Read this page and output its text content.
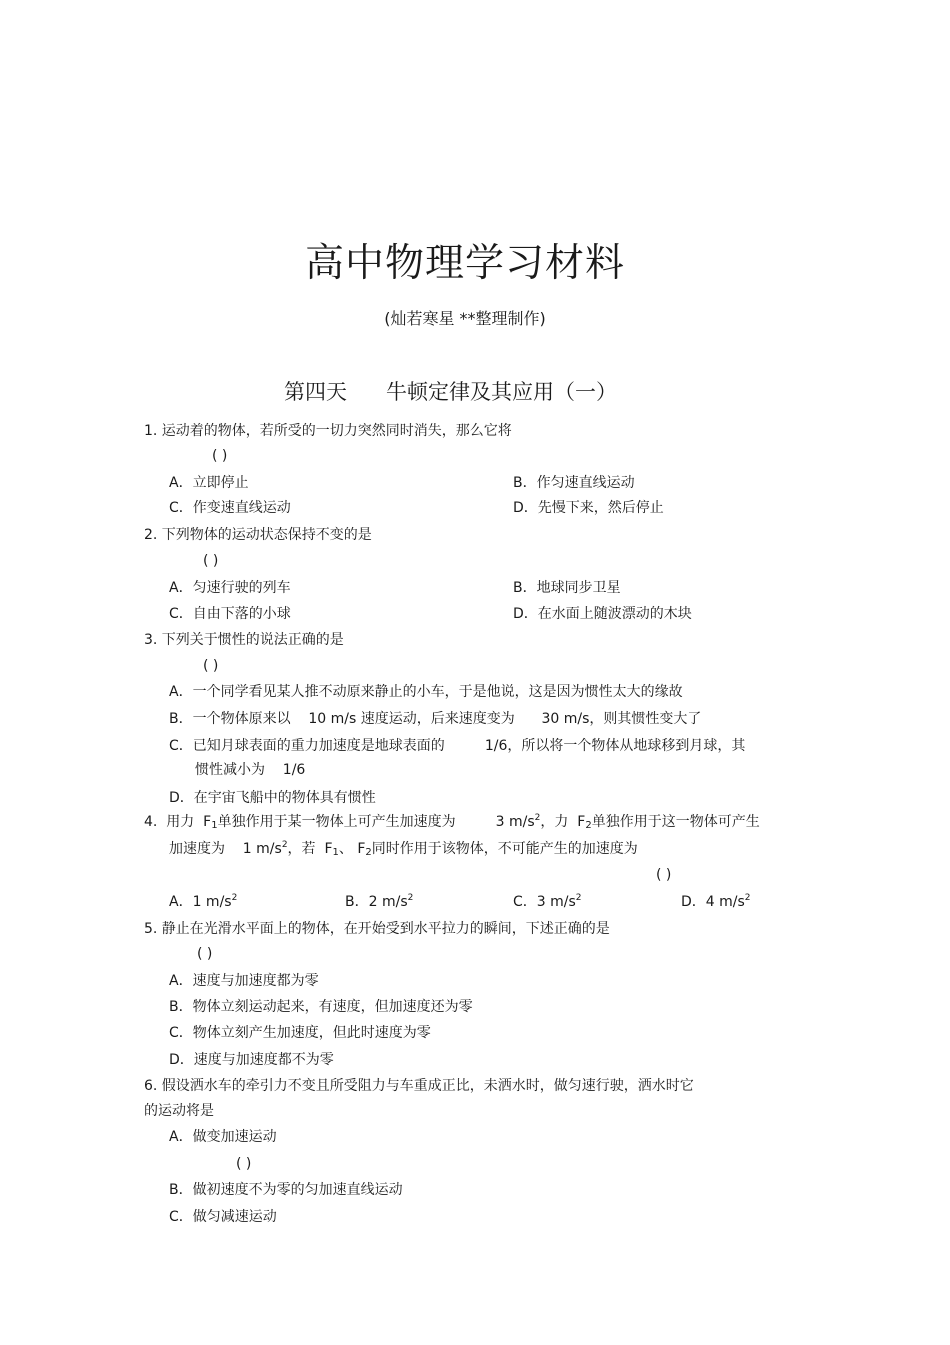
高中物理学习材料
(灿若寒星 **整理制作)
第四天 牛顿定律及其应用（一）
1. 运动着的物体，若所受的一切力突然同时消失，那么它将
( )
A．立即停止	B．作匀速直线运动
C．作变速直线运动	D．先慢下来，然后停止
2. 下列物体的运动状态保持不变的是
( )
A．匀速行驶的列车	B．地球同步卫星
C．自由下落的小球	D．在水面上随波漂动的木块
3. 下列关于惯性的说法正确的是
( )
A．一个同学看见某人推不动原来静止的小车，于是他说，这是因为惯性太大的缘故
B．一个物体原来以    10 m/s 速度运动，后来速度变为      30 m/s，则其惯性变大了
C．已知月球表面的重力加速度是地球表面的         1/6，所以将一个物体从地球移到月球，其
惯性减小为    1/6
D．在宇宙飞船中的物体具有惯性
4.  用力  $F_1$单独作用于某一物体上可产生加速度为         3 $m/s^2$，力  $F_2$单独作用于这一物体可产生
加速度为    1 $m/s^2$，若  $F_1$、 $F_2$同时作用于该物体，不可能产生的加速度为
( )
A．1 $m/s^2$	B．2 $m/s^2$	C．3 $m/s^2$	D．4 $m/s^2$
5. 静止在光滑水平面上的物体，在开始受到水平拉力的瞬间，下述正确的是
( )
A．速度与加速度都为零
B．物体立刻运动起来，有速度，但加速度还为零
C．物体立刻产生加速度，但此时速度为零
D．速度与加速度都不为零
6. 假设洒水车的牵引力不变且所受阻力与车重成正比，未洒水时，做匀速行驶，洒水时它
的运动将是
A．做变加速运动
( )
B．做初速度不为零的匀加速直线运动
C．做匀减速运动
